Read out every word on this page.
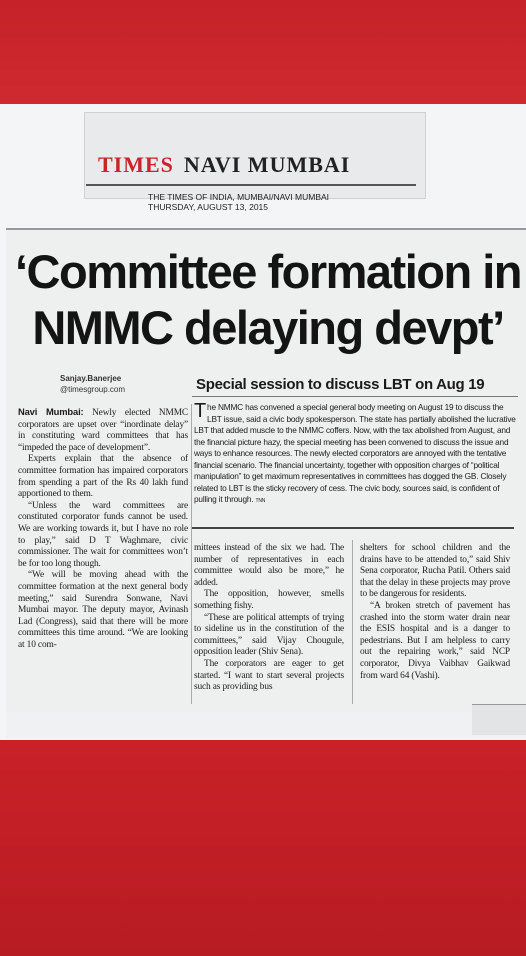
TIMES NAVI MUMBAI
THE TIMES OF INDIA, MUMBAI/NAVI MUMBAI
THURSDAY, AUGUST 13, 2015
‘Committee formation in
NMMC delaying devpt’
Sanjay.Banerjee
@timesgroup.com	Special session to discuss LBT on Aug 19

The NMMC has convened a special general body meeting on August 19 to discuss the LBT issue, said a civic body spokesperson. The state has partially abolished the lucrative LBT that added muscle to the NMMC coffers. Now, with the tax abolished from August, and the financial picture hazy, the special meeting has been convened to discuss the issue and ways to enhance resources. The newly elected corporators are annoyed with the tentative financial scenario. The financial uncertainty, together with opposition charges of “political manipulation” to get maximum representatives in committees has dogged the GB. Closely related to LBT is the sticky recovery of cess. The civic body, sources said, is confident of pulling it through. TNN

Navi Mumbai: Newly elected NMMC corporators are upset over “inordinate delay” in constituting ward committees that has “impeded the pace of development”.

Experts explain that the absence of committee formation has impaired corporators from spending a part of the Rs 40 lakh fund apportioned to them.

“Unless the ward committees are constituted corporator funds cannot be used. We are working towards it, but I have no role to play,” said D T Waghmare, civic commissioner. The wait for committees won’t be for too long though.

“We will be moving ahead with the committee formation at the next general body meeting,” said Surendra Sonwane, Navi Mumbai mayor. The deputy mayor, Avinash Lad (Congress), said that there will be more committees this time around. “We are looking at 10 com-

mittees instead of the six we had. The number of representatives in each committee would also be more,” he added.

The opposition, however, smells something fishy.

“These are political attempts of trying to sideline us in the constitution of the committees,” said Vijay Chougule, opposition leader (Shiv Sena).

The corporators are eager to get started. “I want to start several projects such as providing bus

shelters for school children and the drains have to be attended to,” said Shiv Sena corporator, Rucha Patil. Others said that the delay in these projects may prove to be dangerous for residents.

“A broken stretch of pavement has crashed into the storm water drain near the ESIS hospital and is a danger to pedestrians. But I am helpless to carry out the repairing work,” said NCP corporator, Divya Vaibhav Gaikwad from ward 64 (Vashi).
